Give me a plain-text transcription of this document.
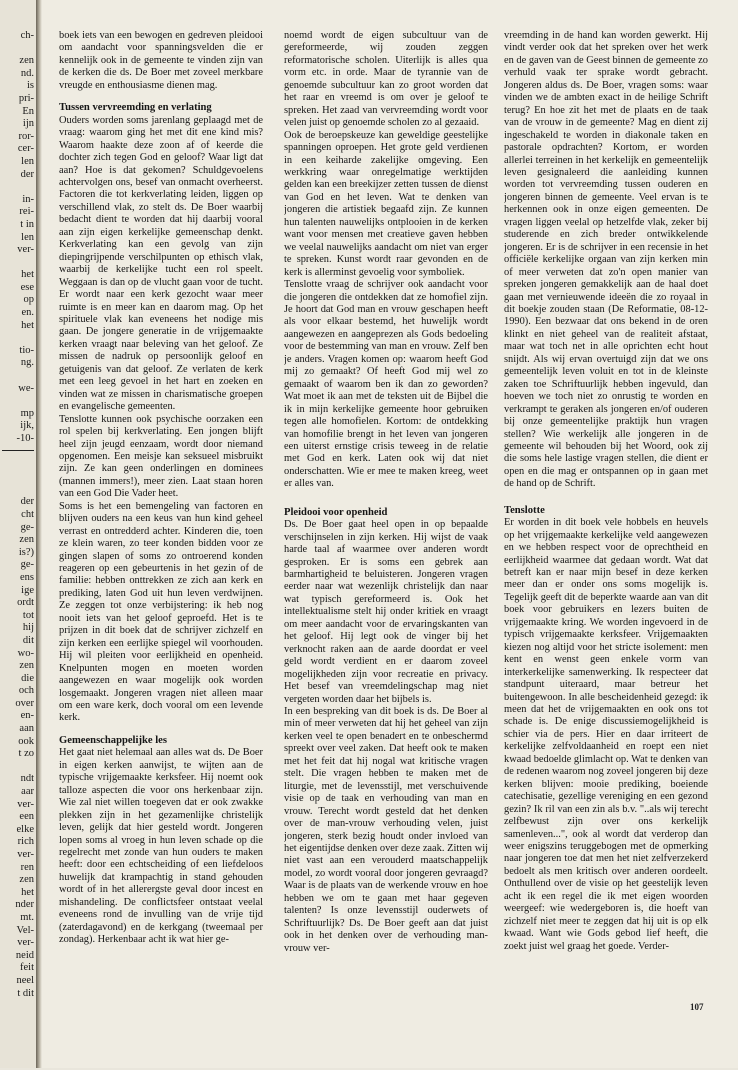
ch-
zen
nd.
is
pri-
En
ijn
ror-
cer-
len
der
in-
rei-
t in
len
ver-
het
ese
op
en.
het
tio-
ng.
we-
mp
ijk,
-10-
der
cht
ge-
zen
is?)
ge-
ens
ige
ordt
tot
hij
dit
wo-
zen
die
och
over
en-
aan
ook
t zo
ndt
aar
ver-
een
elke
rich
ver-
ren
zen
het
nder
mt.
Vel-
ver-
neid
feit
neel
t dit

boek iets van een bewogen en gedreven pleidooi om aandacht voor spanningsvelden die er kennelijk ook in de gemeente te vinden zijn van de kerken die ds. De Boer met zoveel merkbare vreugde en enthousiasme dienen mag.

Tussen vervreemding en verlating

Ouders worden soms jarenlang geplaagd met de vraag: waarom ging het met dit ene kind mis? Waarom haakte deze zoon af of keerde die dochter zich tegen God en geloof? Waar ligt dat aan? Hoe is dat gekomen? Schuldgevoelens achtervolgen ons, besef van onmacht overheerst. Factoren die tot kerkverlating leiden, liggen op verschillend vlak, zo stelt ds. De Boer waarbij bedacht dient te worden dat hij daarbij vooral aan zijn eigen kerkelijke gemeenschap denkt. Kerkverlating kan een gevolg van zijn diepingrijpende verschilpunten op ethisch vlak, waarbij de kerkelijke tucht een rol speelt. Weggaan is dan op de vlucht gaan voor de tucht. Er wordt naar een kerk gezocht waar meer ruimte is en meer kan en daarom mag. Op het spirituele vlak kan eveneens het nodige mis gaan. De jongere generatie in de vrijgemaakte kerken vraagt naar beleving van het geloof. Ze missen de nadruk op persoonlijk geloof en getuigenis van dat geloof. Ze verlaten de kerk met een leeg gevoel in het hart en zoeken en vinden wat ze missen in charismatische groepen en evangelische gemeenten.

Tenslotte kunnen ook psychische oorzaken een rol spelen bij kerkverlating. Een jongen blijft heel zijn jeugd eenzaam, wordt door niemand opgenomen. Een meisje kan seksueel misbruikt zijn. Ze kan geen onderlingen en dominees (mannen immers!), meer zien. Laat staan horen van een God Die Vader heet.

Soms is het een bemengeling van factoren en blijven ouders na een keus van hun kind geheel verrast en ontredderd achter. Kinderen die, toen ze klein waren, zo teer konden bidden voor ze gingen slapen of soms zo ontroerend konden reageren op een gebeurtenis in het gezin of de familie: hebben onttrekken ze zich aan kerk en prediking, laten God uit hun leven verdwijnen. Ze zeggen tot onze verbijstering: ik heb nog nooit iets van het geloof geproefd. Het is te prijzen in dit boek dat de schrijver zichzelf en zijn kerken een eerlijke spiegel wil voorhouden. Hij wil pleiten voor eerlijkheid en openheid. Knelpunten mogen en moeten worden aangewezen en waar mogelijk ook worden losgemaakt. Jongeren vragen niet alleen maar om een ware kerk, doch vooral om een levende kerk.

Gemeenschappelijke les

Het gaat niet helemaal aan alles wat ds. De Boer in eigen kerken aanwijst, te wijten aan de typische vrijgemaakte kerksfeer. Hij noemt ook talloze aspecten die voor ons herkenbaar zijn. Wie zal niet willen toegeven dat er ook zwakke plekken zijn in het gezamenlijke christelijk leven, gelijk dat hier gesteld wordt. Jongeren lopen soms al vroeg in hun leven schade op die regelrecht met zonde van hun ouders te maken heeft: door een echtscheiding of een liefdeloos huwelijk dat krampachtig in stand gehouden wordt of in het allerergste geval door incest en mishandeling. De conflictsfeer ontstaat veelal eveneens rond de invulling van de vrije tijd (zaterdagavond) en de kerkgang (tweemaal per zondag). Herkenbaar acht ik wat hier ge-

noemd wordt de eigen subcultuur van de gereformeerde, wij zouden zeggen reformatorische scholen. Uiterlijk is alles qua vorm etc. in orde. Maar de tyrannie van de genoemde subcultuur kan zo groot worden dat het raar en vreemd is om over je geloof te spreken. Het zaad van vervreemding wordt voor velen juist op genoemde scholen zo al gezaaid.

Ook de beroepskeuze kan geweldige geestelijke spanningen oproepen. Het grote geld verdienen in een keiharde zakelijke omgeving. Een werkkring waar onregelmatige werktijden gelden kan een breekijzer zetten tussen de dienst van God en het leven. Wat te denken van jongeren die artistiek begaafd zijn. Ze kunnen hun talenten nauwelijks ontplooien in de kerken want voor mensen met creatieve gaven hebben we veelal nauwelijks aandacht om niet van erger te spreken. Kunst wordt raar gevonden en de kerk is allerminst gevoelig voor symboliek.

Tenslotte vraag de schrijver ook aandacht voor die jongeren die ontdekken dat ze homofiel zijn. Je hoort dat God man en vrouw geschapen heeft als voor elkaar bestemd, het huwelijk wordt aangewezen en aangeprezen als Gods bedoeling voor de bestemming van man en vrouw. Zelf ben je anders. Vragen komen op: waarom heeft God mij zo gemaakt? Of heeft God mij wel zo gemaakt of waarom ben ik dan zo geworden? Wat moet ik aan met de teksten uit de Bijbel die ik in mijn kerkelijke gemeente hoor gebruiken tegen alle homofielen. Kortom: de ontdekking van homofilie brengt in het leven van jongeren een uiterst ernstige crisis teweeg in de relatie met God en kerk. Laten ook wij dat niet onderschatten. Wie er mee te maken kreeg, weet er alles van.

Pleidooi voor openheid

Ds. De Boer gaat heel open in op bepaalde verschijnselen in zijn kerken. Hij wijst de vaak harde taal af waarmee over anderen wordt gesproken. Er is soms een gebrek aan barmhartigheid te beluisteren. Jongeren vragen eerder naar wat wezenlijk christelijk dan naar wat typisch gereformeerd is. Ook het intellektualisme stelt hij onder kritiek en vraagt om meer aandacht voor de ervaringskanten van het geloof. Hij legt ook de vinger bij het verknocht raken aan de aarde doordat er veel geld wordt verdient en er daarom zoveel mogelijkheden zijn voor recreatie en privacy. Het besef van vreemdelingschap mag niet vergeten worden daar het bijbels is.

In een bespreking van dit boek is ds. De Boer al min of meer verweten dat hij het geheel van zijn kerken veel te open benadert en te onbeschermd spreekt over veel zaken. Dat heeft ook te maken met het feit dat hij nogal wat kritische vragen stelt. Die vragen hebben te maken met de liturgie, met de levensstijl, met verschuivende visie op de taak en verhouding van man en vrouw. Terecht wordt gesteld dat het denken over de man-vrouw verhouding velen, juist jongeren, sterk bezig houdt onder invloed van het eigentijdse denken over deze zaak. Zitten wij niet vast aan een verouderd maatschappelijk model, zo wordt vooral door jongeren gevraagd? Waar is de plaats van de werkende vrouw en hoe hebben we om te gaan met haar gegeven talenten? Is onze levensstijl ouderwets of Schriftuurlijk? Ds. De Boer geeft aan dat juist ook in het denken over de verhouding man-vrouw ver-

vreemding in de hand kan worden gewerkt. Hij vindt verder ook dat het spreken over het werk en de gaven van de Geest binnen de gemeente zo verhuld vaak ter sprake wordt gebracht. Jongeren aldus ds. De Boer, vragen soms: waar vinden we de ambten exact in de heilige Schrift terug? En hoe zit het met de plaats en de taak van de vrouw in de gemeente? Mag en dient zij ingeschakeld te worden in diakonale taken en pastorale opdrachten? Kortom, er worden allerlei terreinen in het kerkelijk en gemeentelijk leven gesignaleerd die aanleiding kunnen worden tot vervreemding tussen ouderen en jongeren binnen de gemeente. Veel ervan is te herkennen ook in onze eigen gemeenten. De vragen liggen veelal op hetzelfde vlak, zeker bij studerende en zich breder ontwikkelende jongeren. Er is de schrijver in een recensie in het officiële kerkelijke orgaan van zijn kerken min of meer verweten dat zo'n open manier van spreken jongeren gemakkelijk aan de haal doet gaan met vernieuwende ideeën die zo royaal in dit boekje zouden staan (De Reformatie, 08-12-1990). Een bezwaar dat ons bekend in de oren klinkt en niet geheel van de realiteit afstaat, maar wat toch net in alle oprichten echt hout snijdt. Als wij ervan overtuigd zijn dat we ons gemeentelijk leven voluit en tot in de kleinste zaken toe Schriftuurlijk hebben ingevuld, dan hoeven we toch niet zo onrustig te worden en verkrampt te geraken als jongeren en/of ouderen bij onze gemeentelijke praktijk hun vragen stellen? Wie werkelijk alle jongeren in de gemeente wil behouden bij het Woord, ook zij die soms hele lastige vragen stellen, die dient er open en die mag er ontspannen op in gaan met de hand op de Schrift.

Tenslotte

Er worden in dit boek vele hobbels en heuvels op het vrijgemaakte kerkelijke veld aangewezen en we hebben respect voor de oprechtheid en eerlijkheid waarmee dat gedaan wordt. Wat dat betreft kan er naar mijn besef in deze kerken meer dan er onder ons soms mogelijk is. Tegelijk geeft dit de beperkte waarde aan van dit boek voor gebruikers en lezers buiten de vrijgemaakte kring. We worden ingevoerd in de typisch vrijgemaakte kerksfeer. Vrijgemaakten kiezen nog altijd voor het stricte isolement: men kent en wenst geen enkele vorm van interkerkelijke samenwerking. Ik respecteer dat standpunt uiteraard, maar betreur het buitengewoon. In alle bescheidenheid gezegd: ik meen dat het de vrijgemaakten en ook ons tot schade is. De enige discussiemogelijkheid is schier via de pers. Hier en daar irriteert de kerkelijke zelfvoldaanheid en roept een niet kwaad bedoelde glimlacht op. Wat te denken van de redenen waarom nog zoveel jongeren bij deze kerken blijven: mooie prediking, boeiende catechisatie, gezellige vereniging en een gezond gezin? Ik ril van een zin als b.v. "..als wij terecht zelfbewust zijn over ons kerkelijk samenleven...", ook al wordt dat verderop dan weer enigszins teruggebogen met de opmerking naar jongeren toe dat men het niet zelfverzekerd bedoelt als men kritisch over anderen oordeelt. Onthullend over de visie op het geestelijk leven acht ik een regel die ik met eigen woorden weergeef: wie wedergeboren is, die hoeft van zichzelf niet meer te zeggen dat hij uit is op elk kwaad. Want wie Gods gebod lief heeft, die zoekt juist wel graag het goede. Verder-

107
